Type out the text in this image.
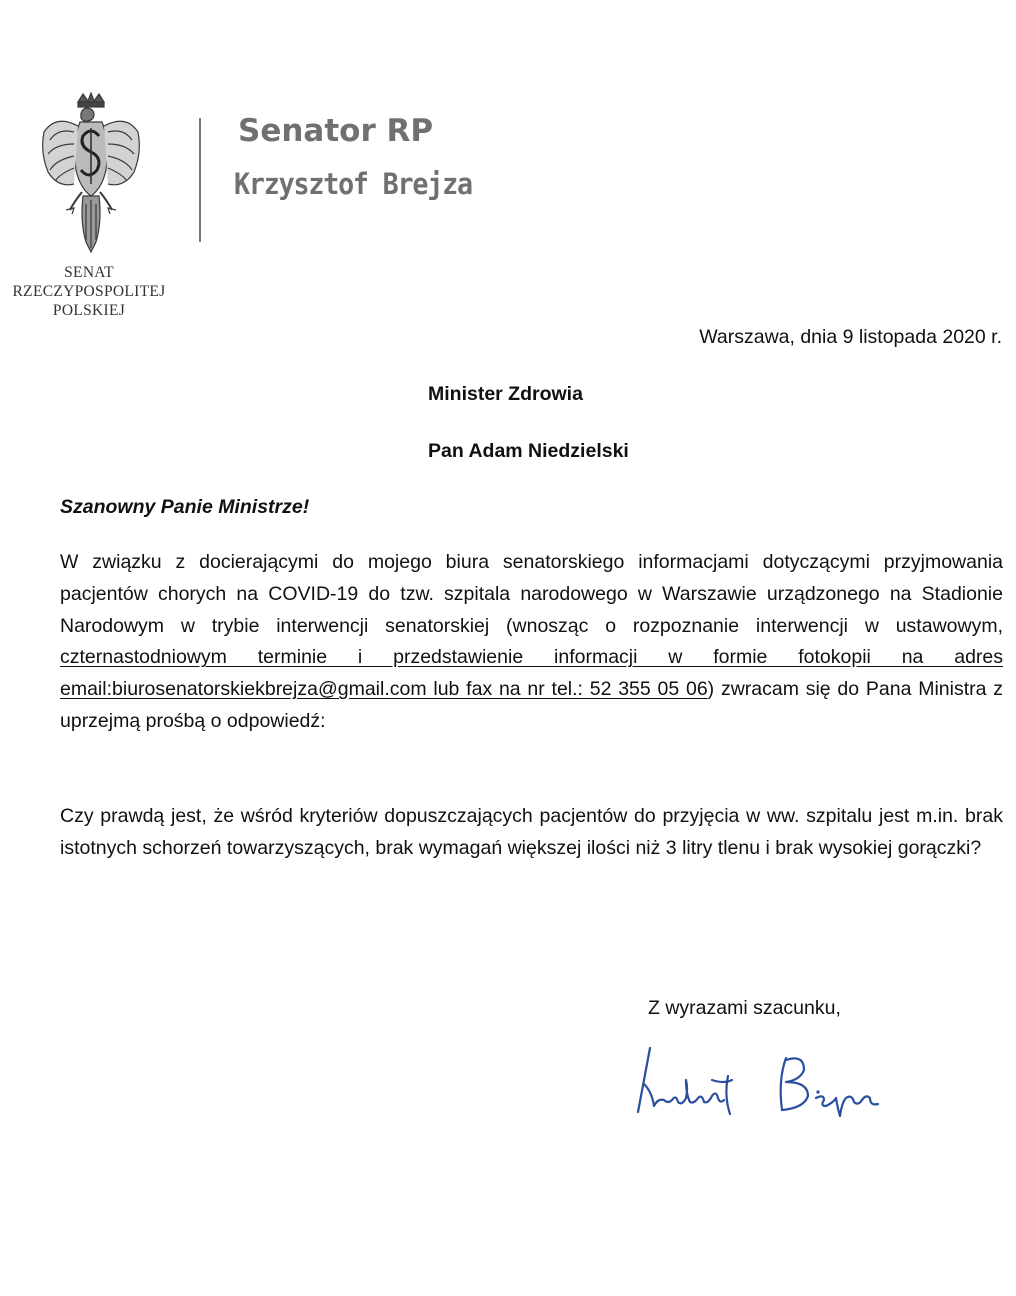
SENAT
RZECZYPOSPOLITEJ
POLSKIEJ
Senator RP
Krzysztof Brejza
Warszawa, dnia 9 listopada 2020 r.
Minister Zdrowia
Pan Adam Niedzielski
Szanowny Panie Ministrze!
W związku z docierającymi do mojego biura senatorskiego informacjami dotyczącymi przyjmowania pacjentów chorych na COVID-19 do tzw. szpitala narodowego w Warszawie urządzonego na Stadionie Narodowym w trybie interwencji senatorskiej (wnosząc o rozpoznanie interwencji w ustawowym, czternastodniowym terminie i przedstawienie informacji w formie fotokopii na adres email:biurosenatorskiekbrejza@gmail.com lub fax na nr tel.: 52 355 05 06) zwracam się do Pana Ministra z uprzejmą prośbą o odpowiedź:
Czy prawdą jest, że wśród kryteriów dopuszczających pacjentów do przyjęcia w ww. szpitalu jest m.in. brak istotnych schorzeń towarzyszących, brak wymagań większej ilości niż 3 litry tlenu i brak wysokiej gorączki?
Z wyrazami szacunku,
